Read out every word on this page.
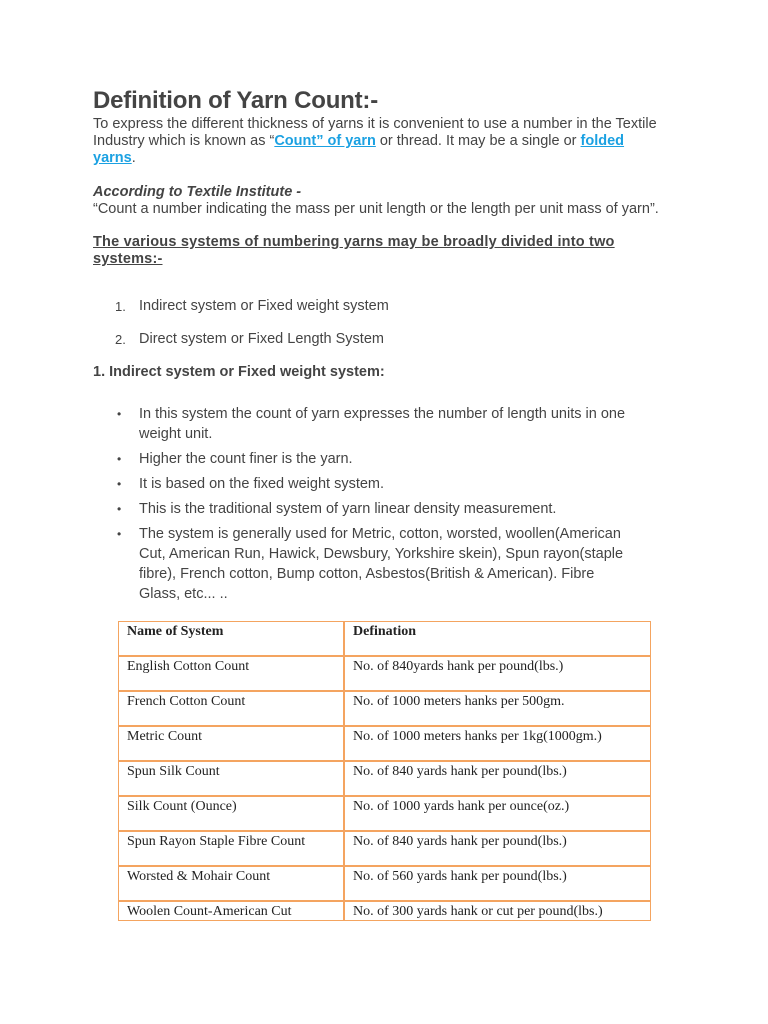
Definition of Yarn Count:-

To express the different thickness of yarns it is convenient to use a number in the Textile Industry which is known as “Count” of yarn or thread. It may be a single or folded yarns.

According to Textile Institute -

“Count a number indicating the mass per unit length or the length per unit mass of yarn”.

The various systems of numbering yarns may be broadly divided into two systems:-
1. Indirect system or Fixed weight system
2. Direct system or Fixed Length System
1. Indirect system or Fixed weight system:
•	In this system the count of yarn expresses the number of length units in one weight unit.
•	Higher the count finer is the yarn.
•	It is based on the fixed weight system.
•	This is the traditional system of yarn linear density measurement.
•	The system is generally used for Metric, cotton, worsted, woollen(American Cut, American Run, Hawick, Dewsbury, Yorkshire skein), Spun rayon(staple fibre), French cotton, Bump cotton, Asbestos(British & American). Fibre Glass, etc... ..
Name of System	Defination
English Cotton Count	No. of 840yards hank per pound(lbs.)
French Cotton Count	No. of 1000 meters hanks per 500gm.
Metric Count	No. of 1000 meters hanks per 1kg(1000gm.)
Spun Silk Count	No. of 840 yards hank per pound(lbs.)
Silk Count (Ounce)	No. of 1000 yards hank per ounce(oz.)
Spun Rayon Staple Fibre Count	No. of 840 yards hank per pound(lbs.)
Worsted & Mohair Count	No. of 560 yards hank per pound(lbs.)
Woolen Count-American Cut	No. of 300 yards hank or cut per pound(lbs.)
